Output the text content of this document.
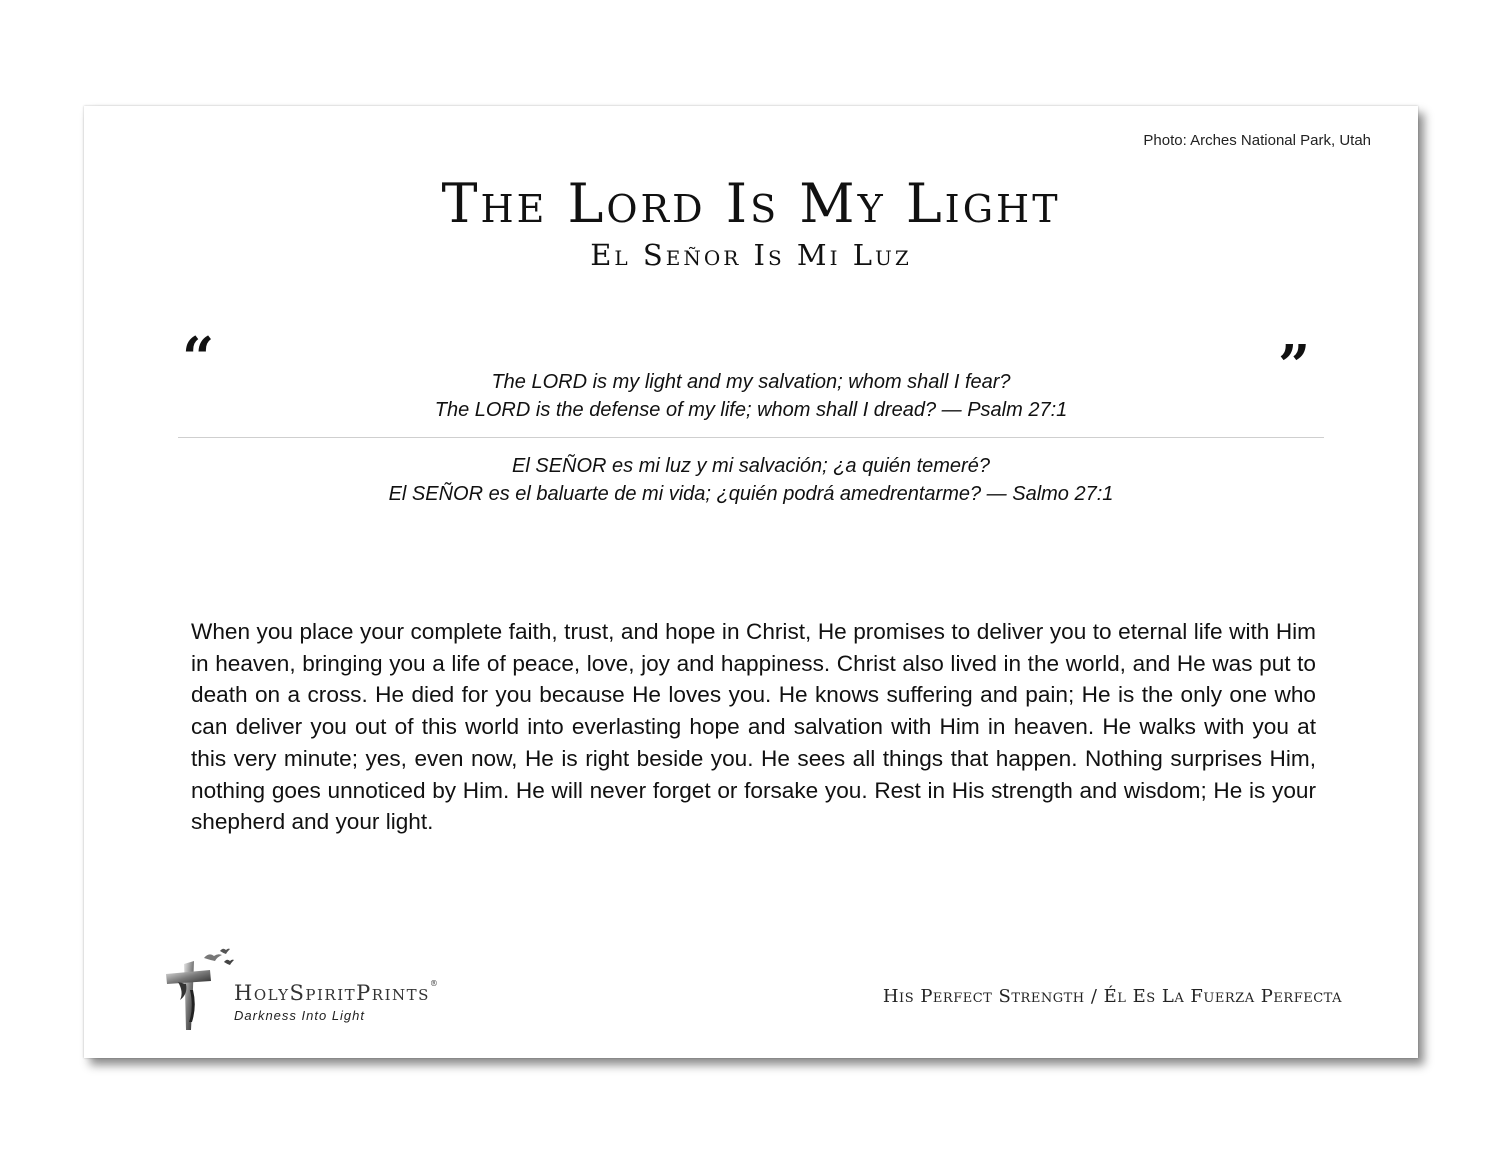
Photo: Arches National Park, Utah
The Lord Is My Light
El Señor Is Mi Luz
“	”
The LORD is my light and my salvation; whom shall I fear?
The LORD is the defense of my life; whom shall I dread? — Psalm 27:1
El SEÑOR es mi luz y mi salvación; ¿a quién temeré?
El SEÑOR es el baluarte de mi vida; ¿quién podrá amedrentarme? — Salmo 27:1
When you place your complete faith, trust, and hope in Christ, He promises to deliver you to eternal life with Him in heaven, bringing you a life of peace, love, joy and happiness. Christ also lived in the world, and He was put to death on a cross. He died for you because He loves you. He knows suffering and pain; He is the only one who can deliver you out of this world into everlasting hope and salvation with Him in heaven. He walks with you at this very minute; yes, even now, He is right beside you. He sees all things that happen. Nothing surprises Him, nothing goes unnoticed by Him. He will never forget or forsake you. Rest in His strength and wisdom; He is your shepherd and your light.
HolySpiritPrints®
Darkness Into Light
His Perfect Strength / Él Es La Fuerza Perfecta
